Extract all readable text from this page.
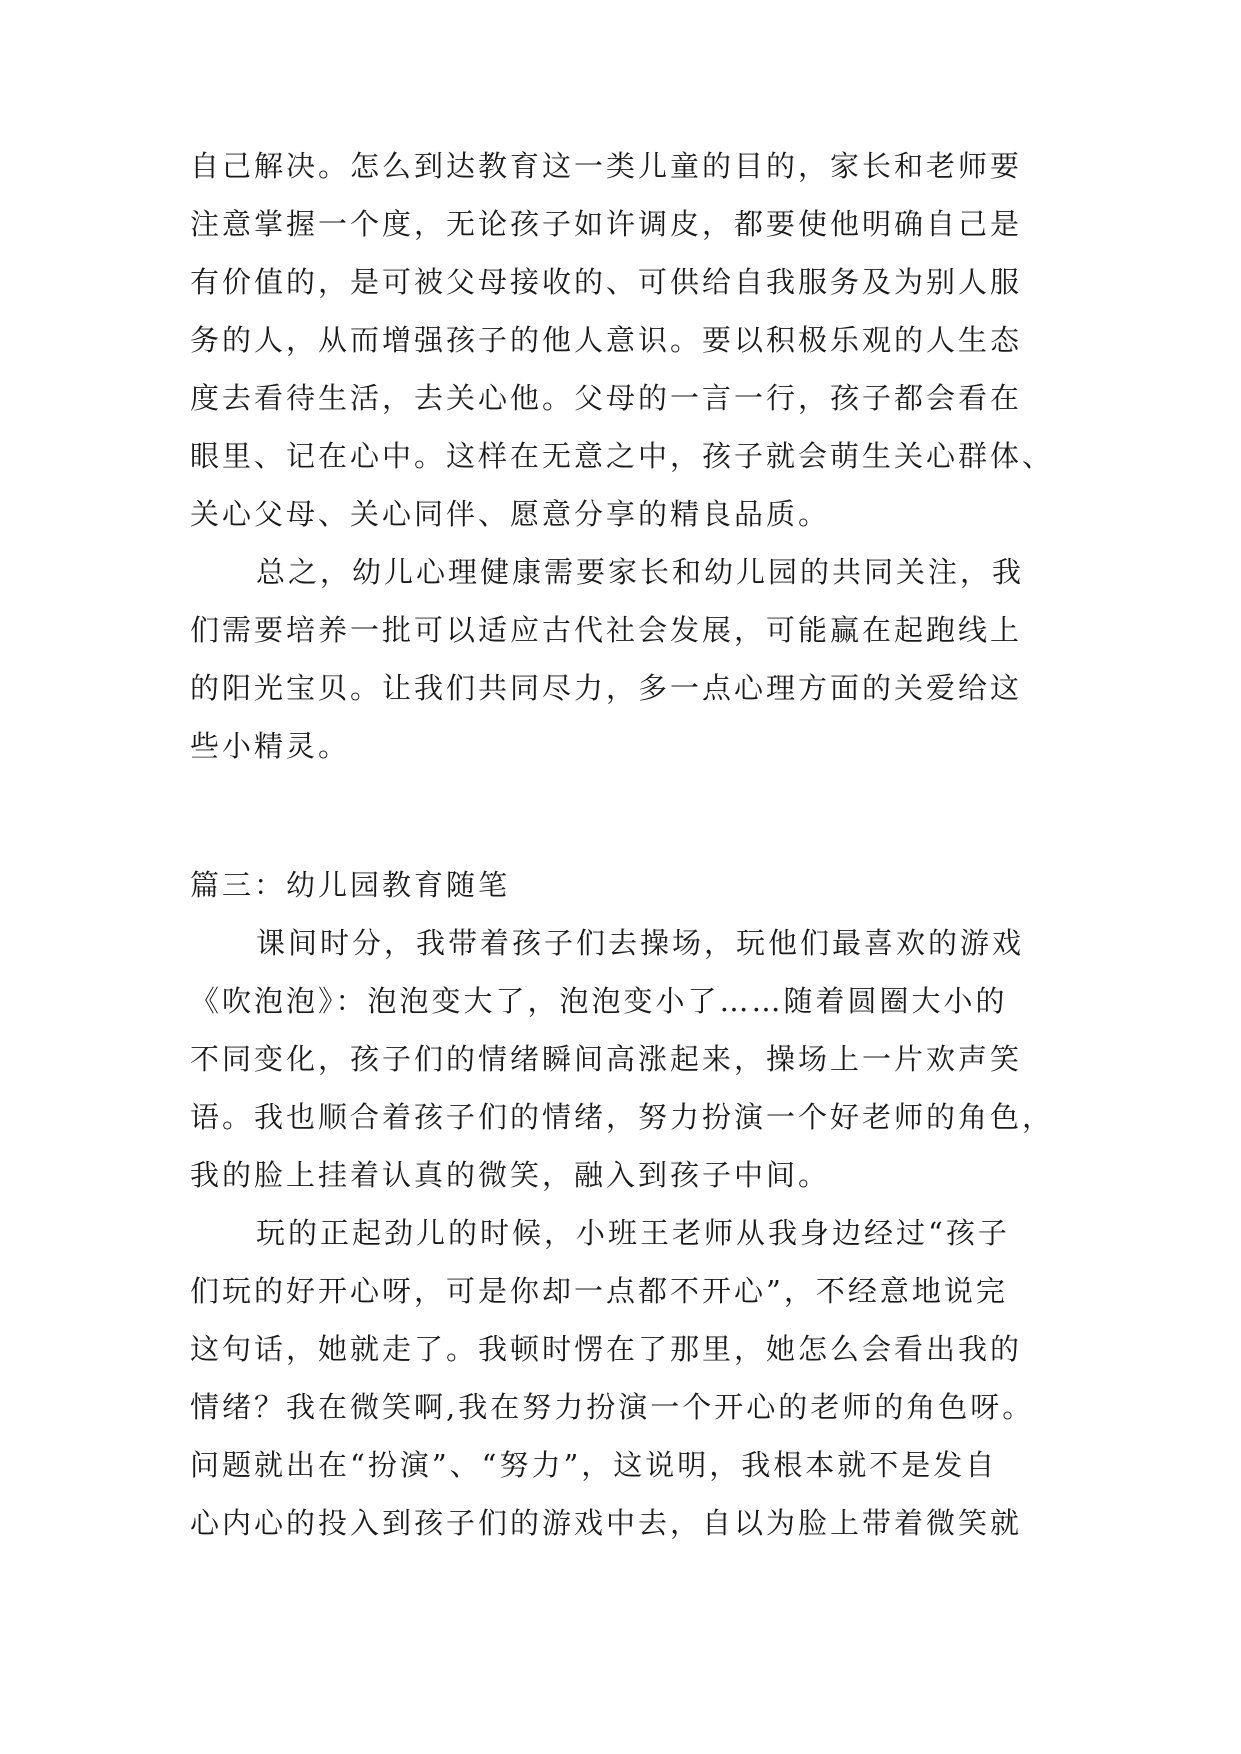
自己解决。怎么到达教育这一类儿童的目的，家长和老师要
注意掌握一个度，无论孩子如许调皮，都要使他明确自己是
有价值的，是可被父母接收的、可供给自我服务及为别人服
务的人，从而增强孩子的他人意识。要以积极乐观的人生态
度去看待生活，去关心他。父母的一言一行，孩子都会看在
眼里、记在心中。这样在无意之中，孩子就会萌生关心群体、
关心父母、关心同伴、愿意分享的精良品质。
总之，幼儿心理健康需要家长和幼儿园的共同关注，我
们需要培养一批可以适应古代社会发展，可能赢在起跑线上
的阳光宝贝。让我们共同尽力，多一点心理方面的关爱给这
些小精灵。
篇三：幼儿园教育随笔
课间时分，我带着孩子们去操场，玩他们最喜欢的游戏
《吹泡泡》：泡泡变大了，泡泡变小了……随着圆圈大小的
不同变化，孩子们的情绪瞬间高涨起来，操场上一片欢声笑
语。我也顺合着孩子们的情绪，努力扮演一个好老师的角色，
我的脸上挂着认真的微笑，融入到孩子中间。
玩的正起劲儿的时候，小班王老师从我身边经过“孩子
们玩的好开心呀，可是你却一点都不开心”，不经意地说完
这句话，她就走了。我顿时愣在了那里，她怎么会看出我的
情绪？我在微笑啊,我在努力扮演一个开心的老师的角色呀。
问题就出在“扮演”、“努力”，这说明，我根本就不是发自
心内心的投入到孩子们的游戏中去，自以为脸上带着微笑就
